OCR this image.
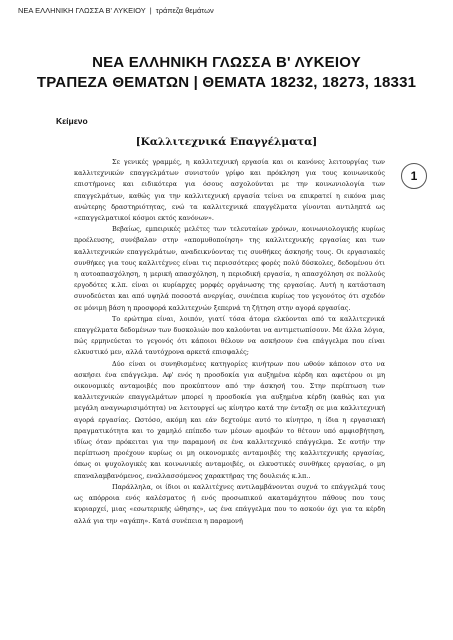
ΝΕΑ ΕΛΛΗΝΙΚΗ ΓΛΩΣΣΑ Β' ΛΥΚΕΙΟΥ | τράπεζα θεμάτων
ΝΕΑ ΕΛΛΗΝΙΚΗ ΓΛΩΣΣΑ Β' ΛΥΚΕΙΟΥ
ΤΡΑΠΕΖΑ ΘΕΜΑΤΩΝ | ΘΕΜΑΤΑ 18232, 18273, 18331
Κείμενο
[Καλλιτεχνικά Επαγγέλματα]
1

Σε γενικές γραμμές, η καλλιτεχνική εργασία και οι κανόνες λειτουργίας των καλλιτεχνικών επαγγελμάτων συνιστούν γρίφο και πρόκληση για τους κοινωνικούς επιστήμονες και ειδικότερα για όσους ασχολούνται με την κοινωνιολογία των επαγγελμάτων, καθώς για την καλλιτεχνική εργασία τείνει να επικρατεί η εικόνα μιας ανώτερης δραστηριότητας, ενώ τα καλλιτεχνικά επαγγέλματα γίνονται αντιληπτά ως «επαγγελματικοί κόσμοι εκτός κανόνων».

Βεβαίως, εμπειρικές μελέτες των τελευταίων χρόνων, κοινωνιολογικής κυρίως προέλευσης, συνέβαλαν στην «απομυθοποίηση» της καλλιτεχνικής εργασίας και των καλλιτεχνικών επαγγελμάτων, αναδεικνύοντας τις συνθήκες άσκησής τους. Οι εργασιακές συνθήκες για τους καλλιτέχνες είναι τις περισσότερες φορές πολύ δύσκολες, δεδομένου ότι η αυτοαπασχόληση, η μερική απασχόληση, η περιοδική εργασία, η απασχόληση σε πολλούς εργοδότες κ.λπ. είναι οι κυρίαρχες μορφές οργάνωσης της εργασίας. Αυτή η κατάσταση συνοδεύεται και από υψηλά ποσοστά ανεργίας, συνέπεια κυρίως του γεγονότος ότι σχεδόν σε μόνιμη βάση η προσφορά καλλιτεχνών ξεπερνά τη ζήτηση στην αγορά εργασίας.

Το ερώτημα είναι, λοιπόν, γιατί τόσα άτομα ελκύονται από τα καλλιτεχνικά επαγγέλματα δεδομένων των δυσκολιών που καλούνται να αντιμετωπίσουν. Με άλλα λόγια, πώς ερμηνεύεται το γεγονός ότι κάποιοι θέλουν να ασκήσουν ένα επάγγελμα που είναι ελκυστικό μεν, αλλά ταυτόχρονα αρκετά επισφαλές;

Δύο είναι οι συνηθισμένες κατηγορίες κινήτρων που ωθούν κάποιον στο να ασκήσει ένα επάγγελμα. Αφ' ενός η προσδοκία για αυξημένα κέρδη και αφετέρου οι μη οικονομικές ανταμοιβές που προκύπτουν από την άσκησή του. Στην περίπτωση των καλλιτεχνικών επαγγελμάτων μπορεί η προσδοκία για αυξημένα κέρδη (καθώς και για μεγάλη αναγνωρισιμότητα) να λειτουργεί ως κίνητρο κατά την ένταξη σε μια καλλιτεχνική αγορά εργασίας. Ωστόσο, ακόμη και εάν δεχτούμε αυτό το κίνητρο, η ίδια η εργασιακή πραγματικότητα και το χαμηλό επίπεδο των μέσων αμοιβών το θέτουν υπό αμφισβήτηση, ιδίως όταν πρόκειται για την παραμονή σε ένα καλλιτεχνικό επάγγελμα. Σε αυτήν την περίπτωση προέχουν κυρίως οι μη οικονομικές ανταμοιβές της καλλιτεχνικής εργασίας, όπως οι ψυχολογικές και κοινωνικές ανταμοιβές, οι ελκυστικές συνθήκες εργασίας, ο μη επαναλαμβανόμενος, εναλλασσόμενος χαρακτήρας της δουλειάς κ.λπ..

Παράλληλα, οι ίδιοι οι καλλιτέχνες αντιλαμβάνονται συχνά το επάγγελμά τους ως απόρροια ενός καλέσματος ή ενός προσωπικού ακαταμάχητου πάθους που τους κυριαρχεί, μιας «εσωτερικής ώθησης», ως ένα επάγγελμα που το ασκούν όχι για τα κέρδη αλλά για την «αγάπη». Κατά συνέπεια η παραμονή
